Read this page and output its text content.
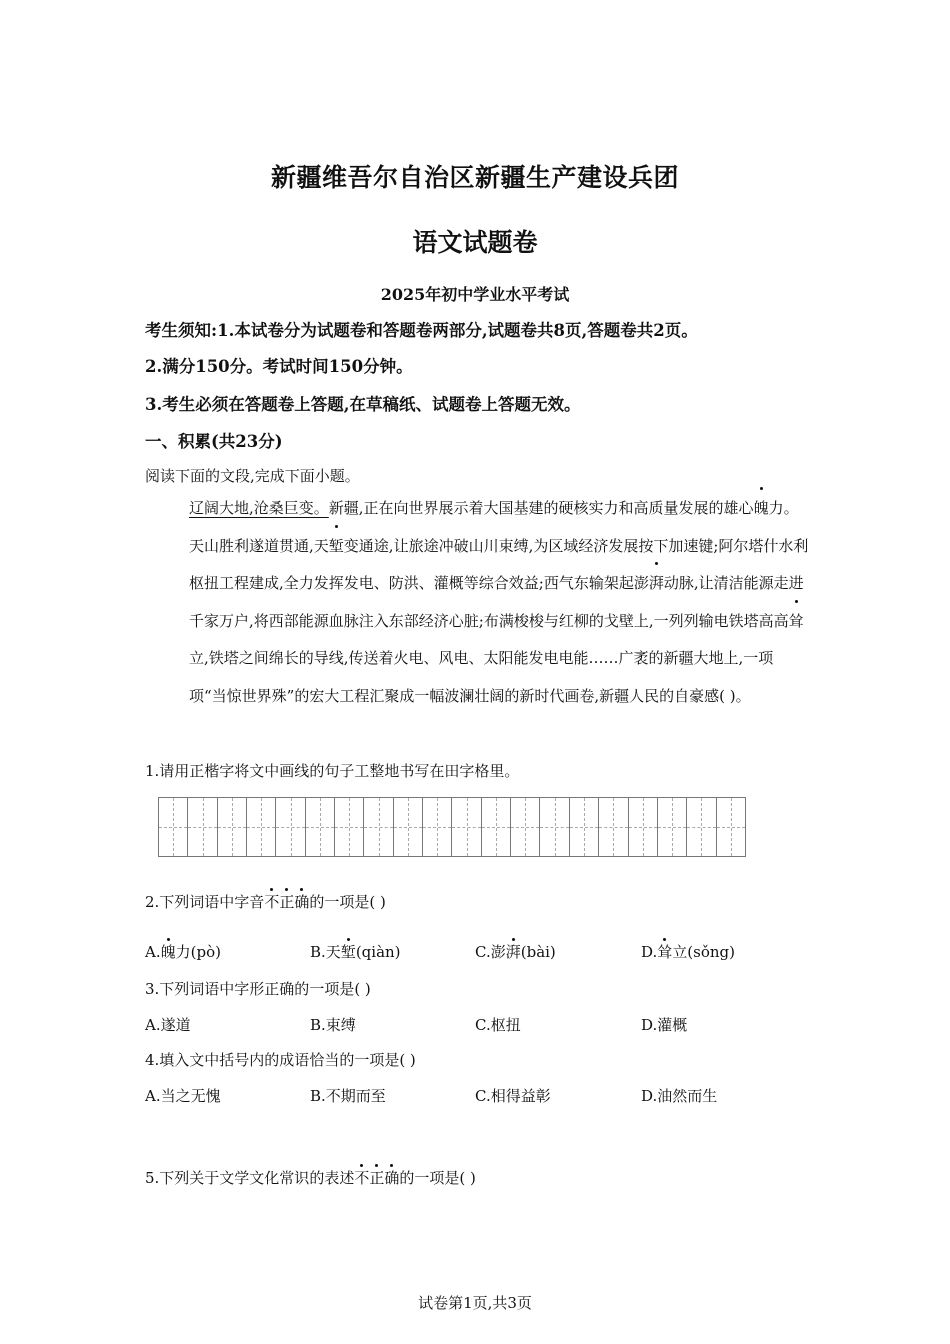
新疆维吾尔自治区新疆生产建设兵团
语文试题卷
2025年初中学业水平考试
考生须知:1.本试卷分为试题卷和答题卷两部分,试题卷共8页,答题卷共2页。
2.满分150分。考试时间150分钟。
3.考生必须在答题卷上答题,在草稿纸、试题卷上答题无效。
一、积累(共23分)
阅读下面的文段,完成下面小题。

辽阔大地,沧桑巨变。新疆,正在向世界展示着大国基建的硬核实力和高质量发展的雄心魄力。天山胜利遂道贯通,天堑变通途,让旅途冲破山川束缚,为区域经济发展按下加速键;阿尔塔什水利枢扭工程建成,全力发挥发电、防洪、灌概等综合效益;西气东输架起澎湃动脉,让清洁能源走进千家万户,将西部能源血脉注入东部经济心脏;布满梭梭与红柳的戈壁上,一列列输电铁塔高高耸立,铁塔之间绵长的导线,传送着火电、风电、太阳能发电电能……广袤的新疆大地上,一项项“当惊世界殊”的宏大工程汇聚成一幅波澜壮阔的新时代画卷,新疆人民的自豪感( )。

1.请用正楷字将文中画线的句子工整地书写在田字格里。
2.下列词语中字音不正确的一项是( )
A.魄力(pò)	B.天堑(qiàn)	C.澎湃(bài)	D.耸立(sǒng)
3.下列词语中字形正确的一项是( )
A.遂道	B.束缚	C.枢扭	D.灌概
4.填入文中括号内的成语恰当的一项是( )
A.当之无愧	B.不期而至	C.相得益彰	D.油然而生
5.下列关于文学文化常识的表述不正确的一项是( )
试卷第1页,共3页
